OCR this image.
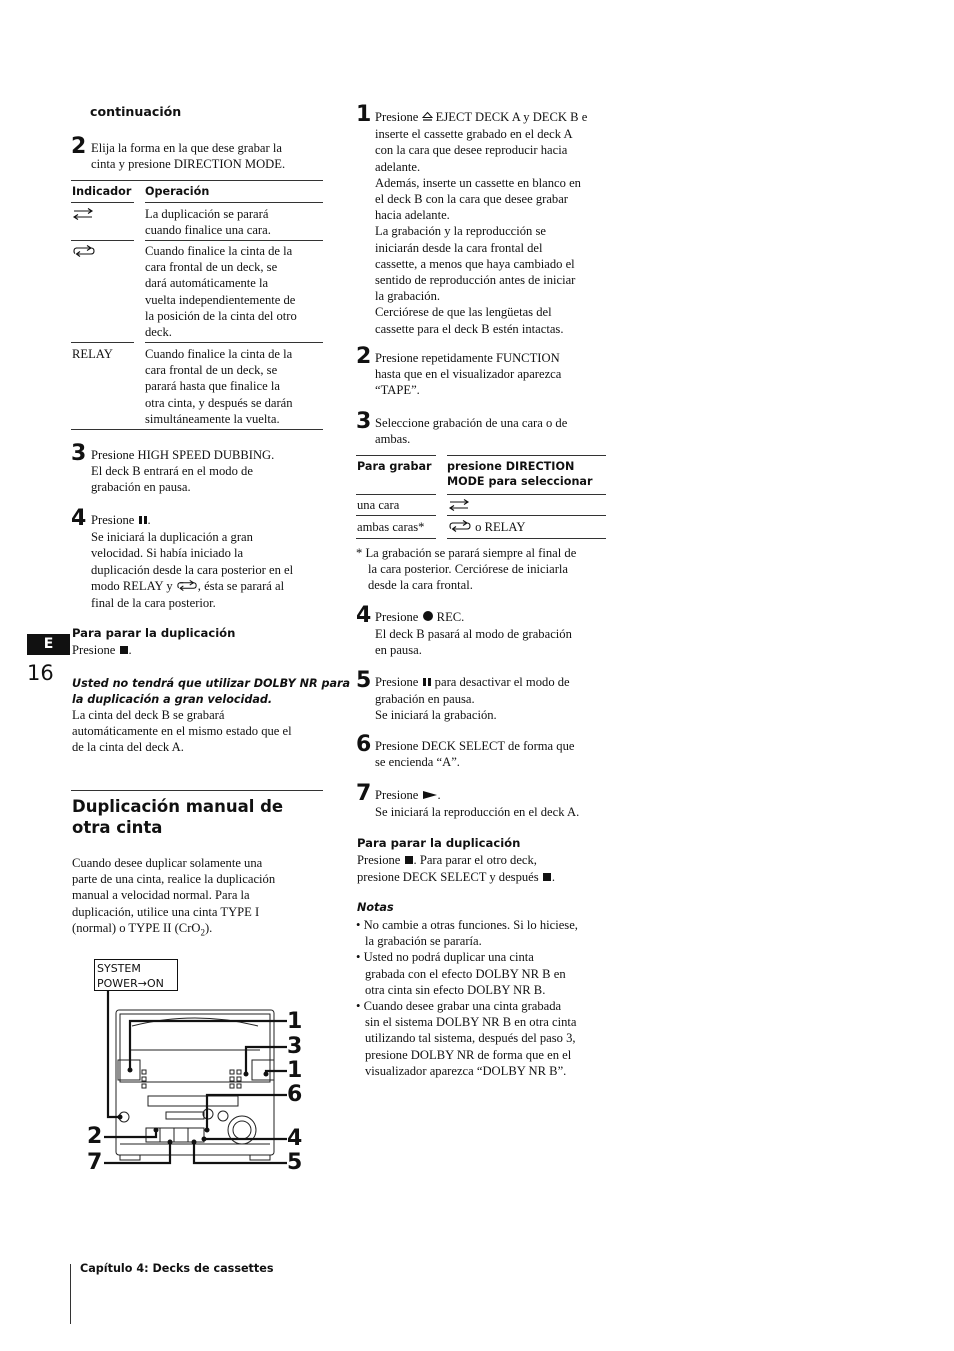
continuación
2 Elija la forma en la que dese grabar la
cinta y presione DIRECTION MODE.
Indicador Operación
La duplicación se parará
cuando finalice una cara.
Cuando finalice la cinta de la
cara frontal de un deck, se
dará automáticamente la
vuelta independientemente de
la posición de la cinta del otro
deck.
RELAY	Cuando finalice la cinta de la
cara frontal de un deck, se
parará hasta que finalice la
otra cinta, y después se darán
simultáneamente la vuelta.
3 Presione HIGH SPEED DUBBING.
El deck B entrará en el modo de
grabación en pausa.
4 Presione .
Se iniciará la duplicación a gran
velocidad. Si había iniciado la
duplicación desde la cara posterior en el
modo RELAY y , ésta se parará al
final de la cara posterior.
Para parar la duplicación
Presione .
Usted no tendrá que utilizar DOLBY NR para
la duplicación a gran velocidad.
La cinta del deck B se grabará
automáticamente en el mismo estado que el
de la cinta del deck A.
Duplicación manual de
otra cinta
Cuando desee duplicar solamente una
parte de una cinta, realice la duplicación
manual a velocidad normal. Para la
duplicación, utilice una cinta TYPE I
(normal) o TYPE II (CrO$_2$).
SYSTEM
POWER→ON
1
3
1
6
4
5
2
7
E
16
Capítulo 4: Decks de cassettes
1 Presione  EJECT DECK A y DECK B e
inserte el cassette grabado en el deck A
con la cara que desee reproducir hacia
adelante.
Además, inserte un cassette en blanco en
el deck B con la cara que desee grabar
hacia adelante.
La grabación y la reproducción se
iniciarán desde la cara frontal del
cassette, a menos que haya cambiado el
sentido de reproducción antes de iniciar
la grabación.
Cerciórese de que las lengüetas del
cassette para el deck B estén intactas.
2 Presione repetidamente FUNCTION
hasta que en el visualizador aparezca
“TAPE”.
3 Seleccione grabación de una cara o de
ambas.
Para grabar presione DIRECTION
MODE para seleccionar
una cara
ambas caras*	o RELAY
* La grabación se parará siempre al final de
la cara posterior. Cerciórese de iniciarla
desde la cara frontal.
4 Presione  REC.
El deck B pasará al modo de grabación
en pausa.
5 Presione  para desactivar el modo de
grabación en pausa.
Se iniciará la grabación.
6 Presione DECK SELECT de forma que
se encienda “A”.
7 Presione .
Se iniciará la reproducción en el deck A.
Para parar la duplicación
Presione . Para parar el otro deck,
presione DECK SELECT y después .
Notas
• No cambie a otras funciones. Si lo hiciese,
la grabación se pararía.
• Usted no podrá duplicar una cinta
grabada con el efecto DOLBY NR B en
otra cinta sin efecto DOLBY NR B.
• Cuando desee grabar una cinta grabada
sin el sistema DOLBY NR B en otra cinta
utilizando tal sistema, después del paso 3,
presione DOLBY NR de forma que en el
visualizador aparezca “DOLBY NR B”.
